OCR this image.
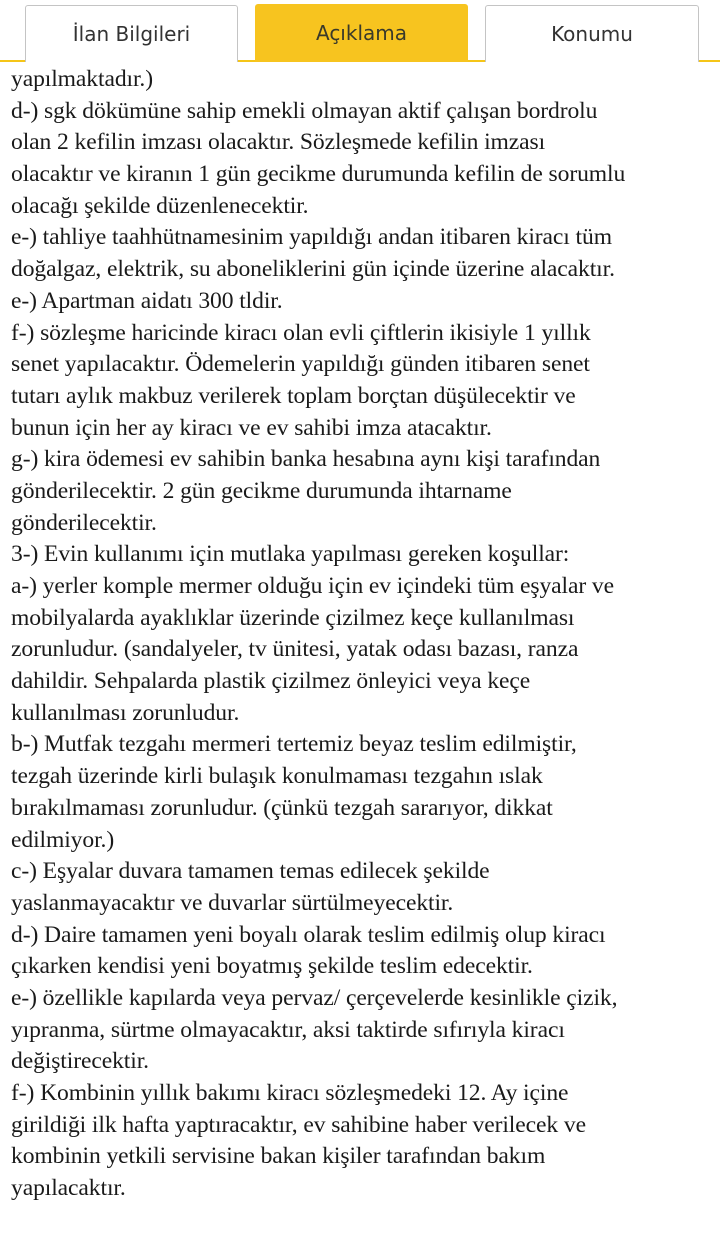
İlan Bilgileri	Açıklama	Konumu
yapılmaktadır.)
d-) sgk dökümüne sahip emekli olmayan aktif çalışan bordrolu
olan 2 kefilin imzası olacaktır. Sözleşmede kefilin imzası
olacaktır ve kiranın 1 gün gecikme durumunda kefilin de sorumlu
olacağı şekilde düzenlenecektir.
e-) tahliye taahhütnamesinim yapıldığı andan itibaren kiracı tüm
doğalgaz, elektrik, su aboneliklerini gün içinde üzerine alacaktır.
e-) Apartman aidatı 300 tldir.
f-) sözleşme haricinde kiracı olan evli çiftlerin ikisiyle 1 yıllık
senet yapılacaktır. Ödemelerin yapıldığı günden itibaren senet
tutarı aylık makbuz verilerek toplam borçtan düşülecektir ve
bunun için her ay kiracı ve ev sahibi imza atacaktır.
g-) kira ödemesi ev sahibin banka hesabına aynı kişi tarafından
gönderilecektir. 2 gün gecikme durumunda ihtarname
gönderilecektir.
3-) Evin kullanımı için mutlaka yapılması gereken koşullar:
a-) yerler komple mermer olduğu için ev içindeki tüm eşyalar ve
mobilyalarda ayaklıklar üzerinde çizilmez keçe kullanılması
zorunludur. (sandalyeler, tv ünitesi, yatak odası bazası, ranza
dahildir. Sehpalarda plastik çizilmez önleyici veya keçe
kullanılması zorunludur.
b-) Mutfak tezgahı mermeri tertemiz beyaz teslim edilmiştir,
tezgah üzerinde kirli bulaşık konulmaması tezgahın ıslak
bırakılmaması zorunludur. (çünkü tezgah sararıyor, dikkat
edilmiyor.)
c-) Eşyalar duvara tamamen temas edilecek şekilde
yaslanmayacaktır ve duvarlar sürtülmeyecektir.
d-) Daire tamamen yeni boyalı olarak teslim edilmiş olup kiracı
çıkarken kendisi yeni boyatmış şekilde teslim edecektir.
e-) özellikle kapılarda veya pervaz/ çerçevelerde kesinlikle çizik,
yıpranma, sürtme olmayacaktır, aksi taktirde sıfırıyla kiracı
değiştirecektir.
f-) Kombinin yıllık bakımı kiracı sözleşmedeki 12. Ay içine
girildiği ilk hafta yaptıracaktır, ev sahibine haber verilecek ve
kombinin yetkili servisine bakan kişiler tarafından bakım
yapılacaktır.
